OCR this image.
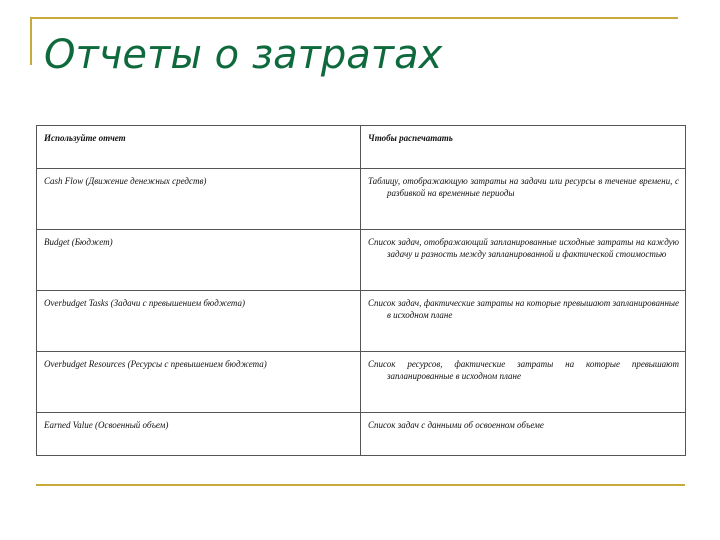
Отчеты о затратах
Используйте отчет	Чтобы распечатать
Cash Flow (Движение денежных средств)	Таблицу, отображающую затраты на задачи или ресурсы в течение времени, с разбивкой на временные периоды
Budget (Бюджет)	Список задач, отображающий запланированные исходные затраты на каждую задачу и разность между запланированной и фактической стоимостью
Overbudget Tasks (Задачи с превышением бюджета)	Список задач, фактические затраты на которые превышают запланированные в исходном плане
Overbudget Resources (Ресурсы с превышением бюджета)	Список ресурсов, фактические затраты на которые превышают запланированные в исходном плане
Earned Value (Освоенный объем)	Список задач с данными об освоенном объеме
